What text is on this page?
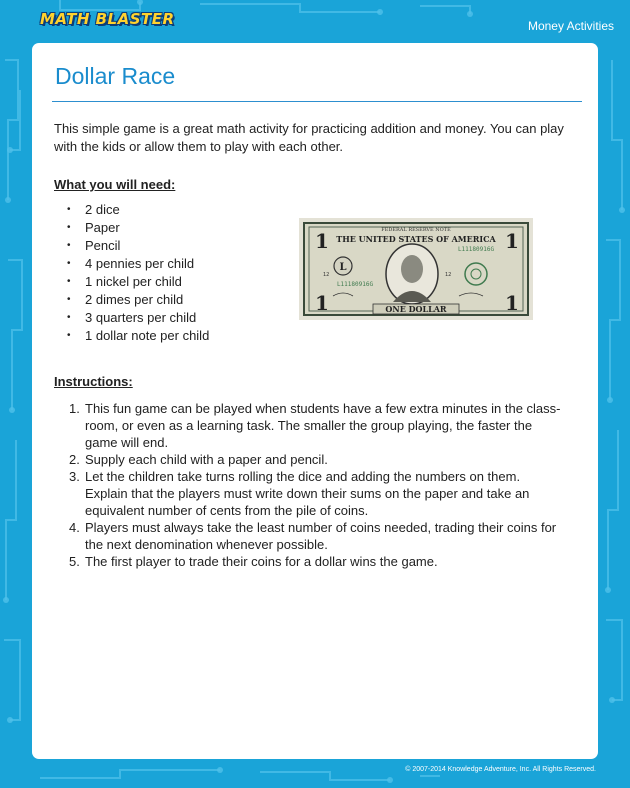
MATH BLASTER	Money Activities
Dollar Race

This simple game is a great math activity for practicing addition and money. You can play with the kids or allow them to play with each other.

What you will need:
• 2 dice
• Paper
• Pencil
• 4 pennies per child
• 1 nickel per child
• 2 dimes per child
• 3 quarters per child
• 1 dollar note per child
FEDERAL RESERVE NOTE
THE UNITED STATES OF AMERICA
1	1
1	1
L
12	12
L11180916G
L11180916G
ONE DOLLAR
Instructions:
1. This fun game can be played when students have a few extra minutes in the class-room, or even as a learning task. The smaller the group playing, the faster the game will end.
2. Supply each child with a paper and pencil.
3. Let the children take turns rolling the dice and adding the numbers on them. Explain that the players must write down their sums on the paper and take an equivalent number of cents from the pile of coins.
4. Players must always take the least number of coins needed, trading their coins for the next denomination whenever possible.
5. The first player to trade their coins for a dollar wins the game.
© 2007-2014 Knowledge Adventure, Inc. All Rights Reserved.
